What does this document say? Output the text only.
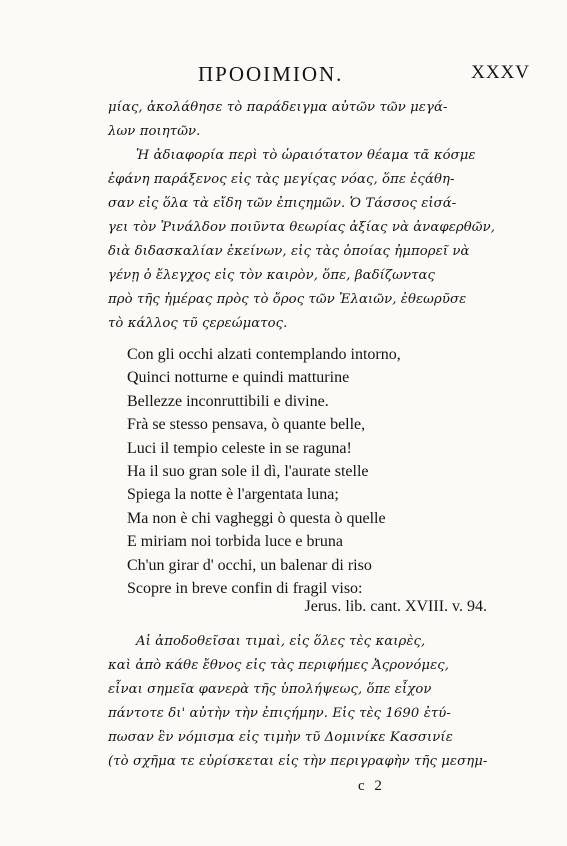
ΠΡΟΟΙΜΙΟΝ.	XXXV
μίας, ἀκολάθησε τὸ παράδειγμα αὐτῶν τῶν μεγά-
λων ποιητῶν.
Ἡ ἀδιαφορία περὶ τὸ ὡραιότατον θέαμα τᾶ κόσμε
ἐφάνη παράξενος εἰς τὰς μεγίςας νόας, ὅπε ἐςάθη-
σαν εἰς ὅλα τὰ εἴδη τῶν ἐπιςημῶν. Ὁ Τάσσος εἰσά-
γει τὸν Ῥινάλδον ποιῦντα θεωρίας ἀξίας νὰ ἀναφερθῶν,
διὰ διδασκαλίαν ἐκείνων, εἰς τὰς ὁποίας ἠμπορεῖ νὰ
γένῃ ὁ ἔλεγχος εἰς τὸν καιρὸν, ὅπε, βαδίζωντας
πρὸ τῆς ἡμέρας πρὸς τὸ ὄρος τῶν Ἐλαιῶν, ἐθεωρῦσε
τὸ κάλλος τῦ ςερεώματος.
Con gli occhi alzati contemplando intorno,
Quinci notturne e quindi matturine
Bellezze inconruttibili e divine.
Frà se stesso pensava, ò quante belle,
Luci il tempio celeste in se raguna!
Ha il suo gran sole il dì, l'aurate stelle
Spiega la notte è l'argentata luna;
Ma non è chi vagheggi ò questa ò quelle
E miriam noi torbida luce e bruna
Ch'un girar d' occhi, un balenar di riso
Scopre in breve confin di fragil viso:
Jerus. lib. cant. XVIII. v. 94.
Αἱ ἀποδοθεῖσαι τιμαὶ, εἰς ὅλες τὲς καιρὲς,
καὶ ἀπὸ κάθε ἔθνος εἰς τὰς περιφήμες Ἀςρονόμες,
εἶναι σημεῖα φανερὰ τῆς ὑπολήψεως, ὅπε εἶχον
πάντοτε δι' αὐτὴν τὴν ἐπιςήμην. Εἰς τὲς 1690 ἐτύ-
πωσαν ἓν νόμισμα εἰς τιμὴν τῦ Δομινίκε Κασσινίε
(τὸ σχῆμα τε εὑρίσκεται εἰς τὴν περιγραφὴν τῆς μεσημ-
c 2
